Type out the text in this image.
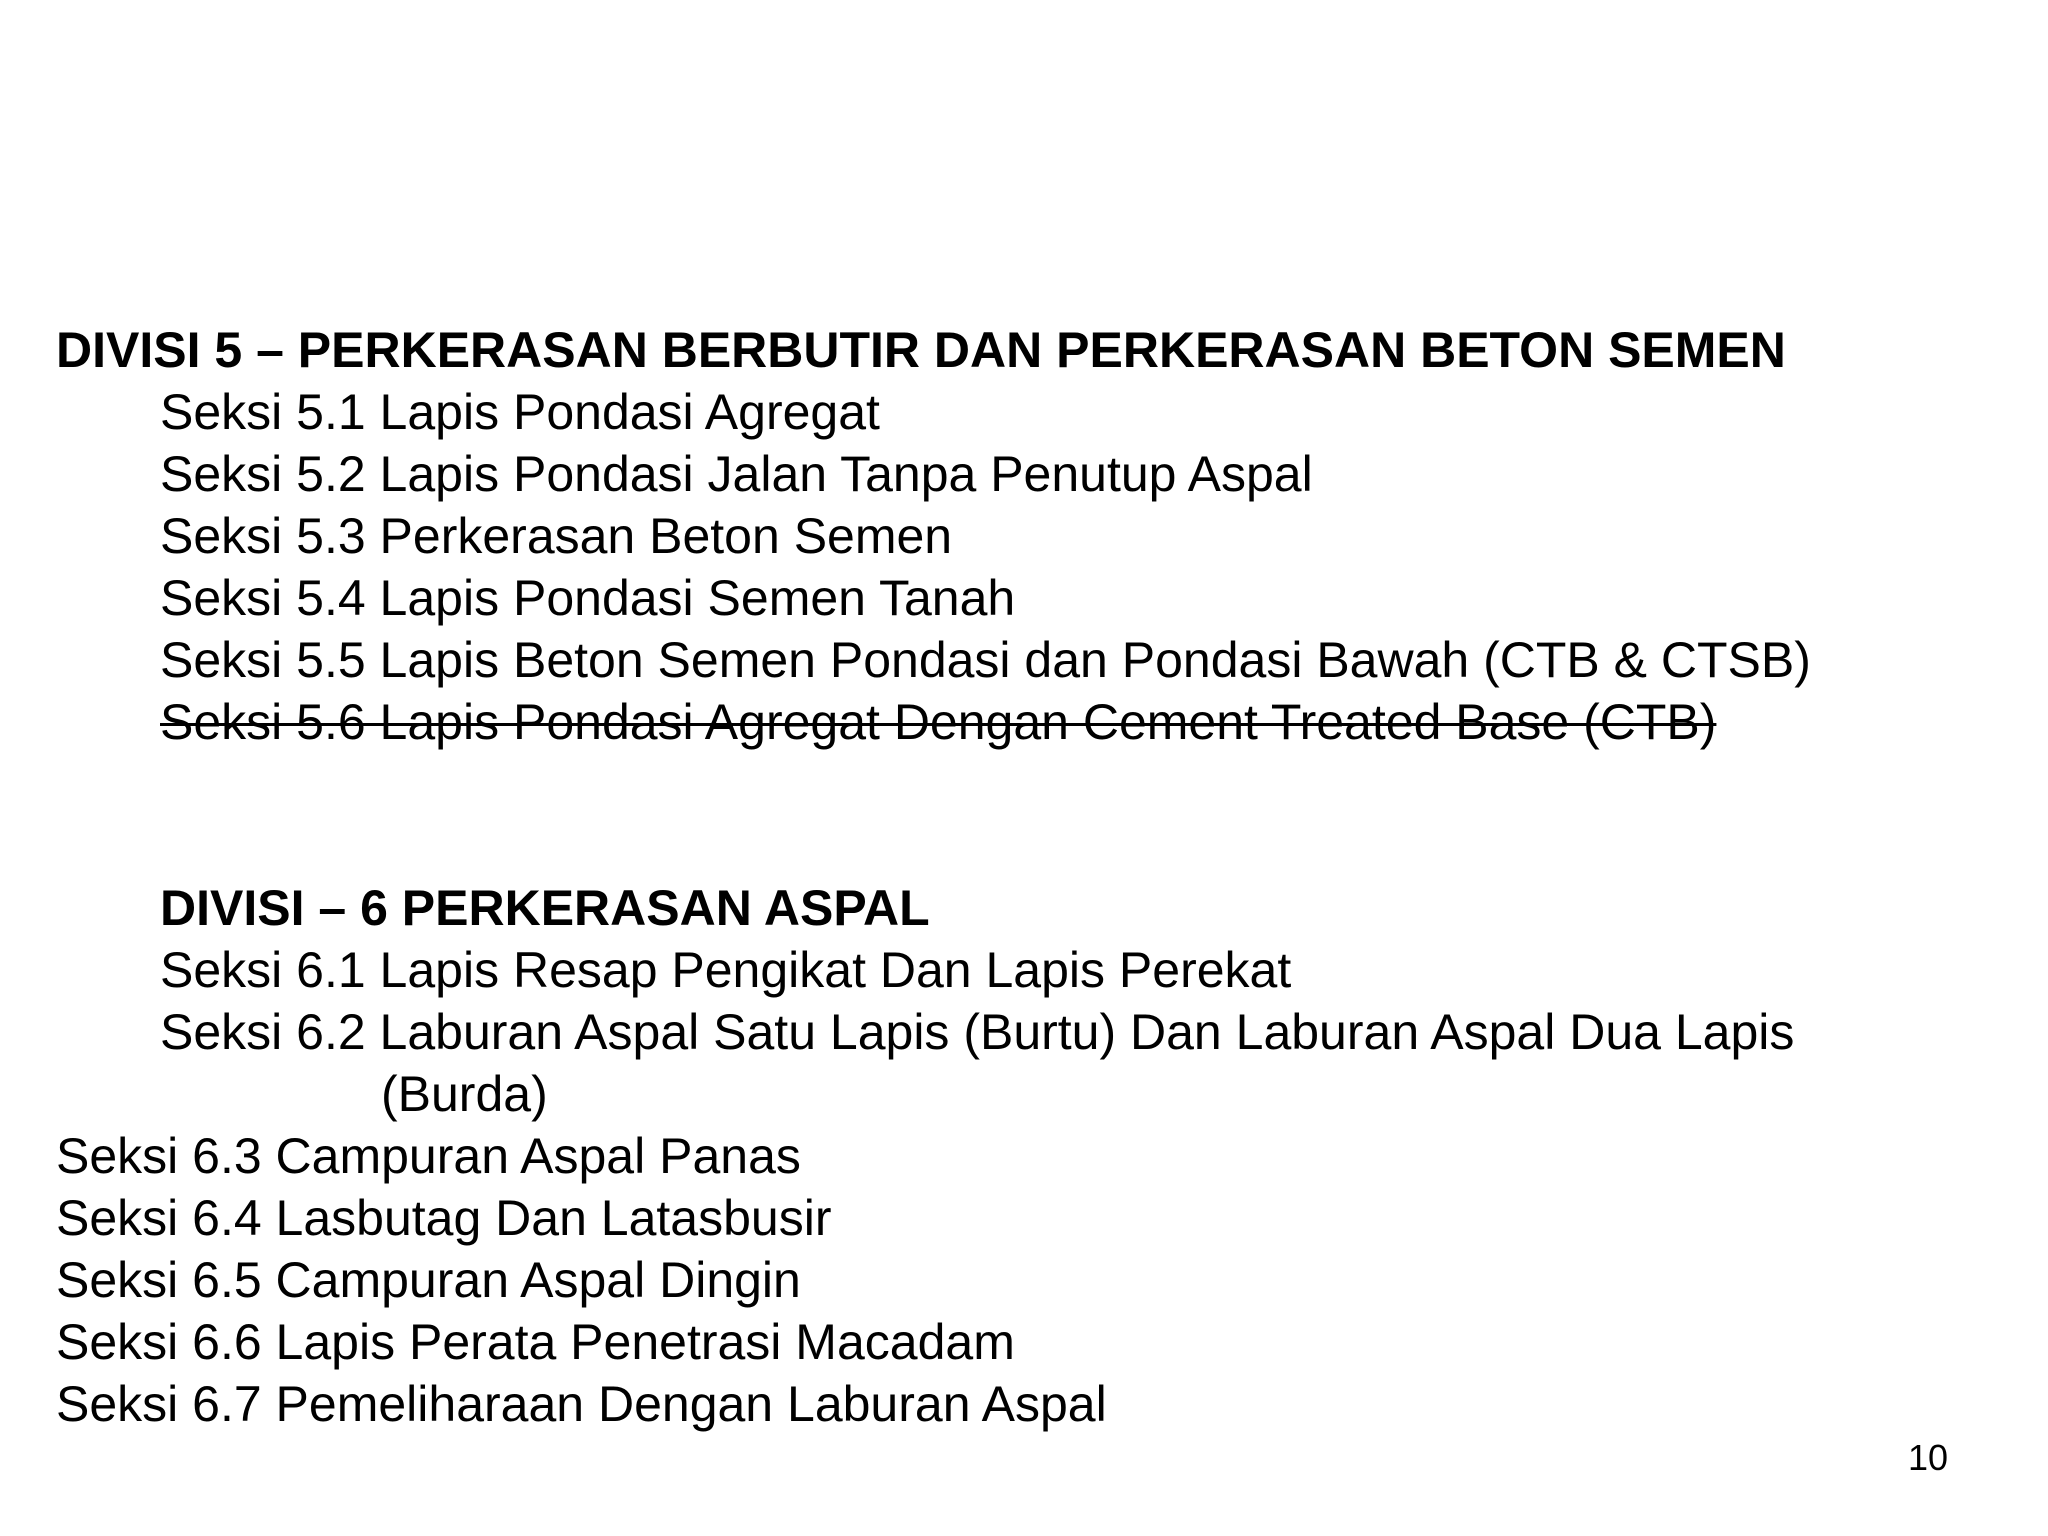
DIVISI 5 – PERKERASAN BERBUTIR DAN PERKERASAN BETON SEMEN
Seksi 5.1 Lapis Pondasi Agregat
Seksi 5.2 Lapis Pondasi Jalan Tanpa Penutup Aspal
Seksi 5.3 Perkerasan Beton Semen
Seksi 5.4 Lapis Pondasi Semen Tanah
Seksi 5.5 Lapis Beton Semen Pondasi dan Pondasi Bawah (CTB & CTSB)
Seksi 5.6 Lapis Pondasi Agregat Dengan Cement Treated Base (CTB)
DIVISI – 6 PERKERASAN ASPAL
Seksi 6.1 Lapis Resap Pengikat Dan Lapis Perekat
Seksi 6.2 Laburan Aspal Satu Lapis (Burtu) Dan Laburan Aspal Dua Lapis
(Burda)
Seksi 6.3 Campuran Aspal Panas
Seksi 6.4 Lasbutag Dan Latasbusir
Seksi 6.5 Campuran Aspal Dingin
Seksi 6.6 Lapis Perata Penetrasi Macadam
Seksi 6.7 Pemeliharaan Dengan Laburan Aspal
10
